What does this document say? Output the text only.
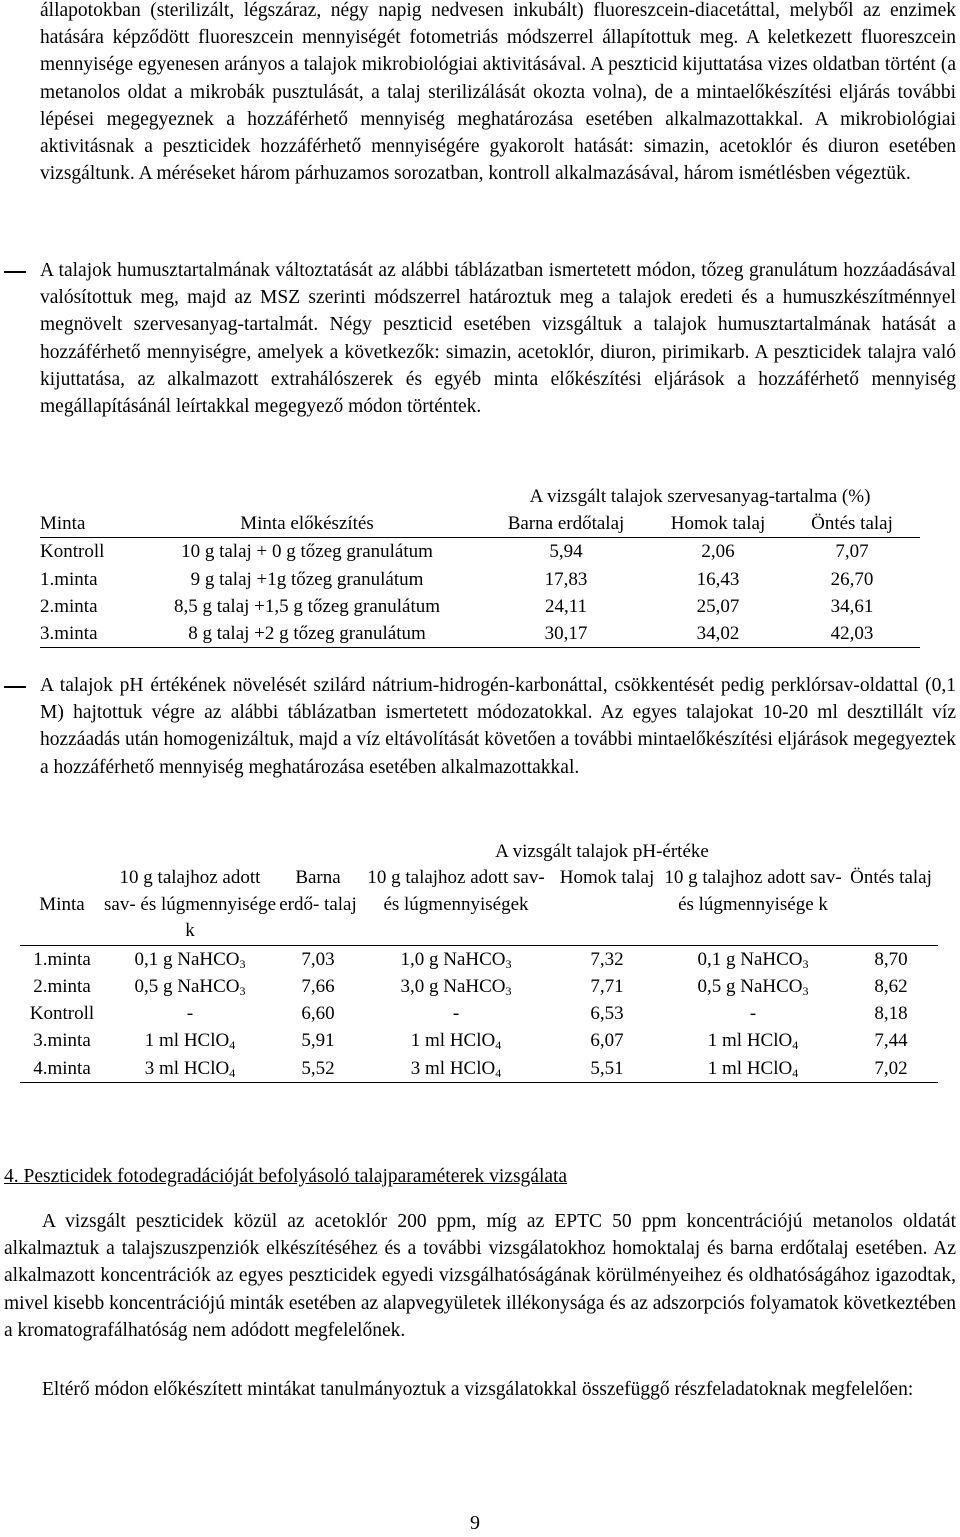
állapotokban (sterilizált, légszáraz, négy napig nedvesen inkubált) fluoreszcein-diacetáttal, melyből az enzimek hatására képződött fluoreszcein mennyiségét fotometriás módszerrel állapítottuk meg. A keletkezett fluoreszcein mennyisége egyenesen arányos a talajok mikrobiológiai aktivitásával. A peszticid kijuttatása vizes oldatban történt (a metanolos oldat a mikrobák pusztulását, a talaj sterilizálását okozta volna), de a mintaelőkészítési eljárás további lépései megegyeznek a hozzáférhető mennyiség meghatározása esetében alkalmazottakkal. A mikrobiológiai aktivitásnak a peszticidek hozzáférhető mennyiségére gyakorolt hatását: simazin, acetoklór és diuron esetében vizsgáltunk. A méréseket három párhuzamos sorozatban, kontroll alkalmazásával, három ismétlésben végeztük.

A talajok humusztartalmának változtatását az alábbi táblázatban ismertetett módon, tőzeg granulátum hozzáadásával valósítottuk meg, majd az MSZ szerinti módszerrel határoztuk meg a talajok eredeti és a humuszkészítménnyel megnövelt szervesanyag-tartalmát. Négy peszticid esetében vizsgáltuk a talajok humusztartalmának hatását a hozzáférhető mennyiségre, amelyek a következők: simazin, acetoklór, diuron, pirimikarb. A peszticidek talajra való kijuttatása, az alkalmazott extrahálószerek és egyéb minta előkészítési eljárások a hozzáférhető mennyiség megállapításánál leírtakkal megegyező módon történtek.

		A vizsgált talajok szervesanyag-tartalma (%)		

Minta	Minta előkészítés	Barna erdőtalaj	Homok talaj	Öntés talaj

Kontroll	10 g talaj + 0 g tőzeg granulátum	5,94	2,06	7,07
1.minta	9 g talaj +1g tőzeg granulátum	17,83	16,43	26,70
2.minta	8,5 g talaj +1,5 g tőzeg granulátum	24,11	25,07	34,61
3.minta	8 g talaj +2 g tőzeg granulátum	30,17	34,02	42,03

A talajok pH értékének növelését szilárd nátrium-hidrogén-karbonáttal, csökkentését pedig perklórsav-oldattal (0,1 M) hajtottuk végre az alábbi táblázatban ismertetett módozatokkal. Az egyes talajokat 10-20 ml desztillált víz hozzáadás után homogenizáltuk, majd a víz eltávolítását követően a további mintaelőkészítési eljárások megegyeztek a hozzáférhető mennyiség meghatározása esetében alkalmazottakkal.

			A vizsgált talajok pH-értéke			

Minta	10 g talajhoz adott sav- és lúgmennyisége k	Barna erdő- talaj	10 g talajhoz adott sav- és lúgmennyiségek	Homok talaj	10 g talajhoz adott sav- és lúgmennyisége k	Öntés talaj

1.minta	0,1 g NaHCO$_3$	7,03	1,0 g NaHCO$_3$	7,32	0,1 g NaHCO$_3$	8,70
2.minta	0,5 g NaHCO$_3$	7,66	3,0 g NaHCO$_3$	7,71	0,5 g NaHCO$_3$	8,62
Kontroll	-	6,60	-	6,53	-	8,18
3.minta	1 ml HClO$_4$	5,91	1 ml HClO$_4$	6,07	1 ml HClO$_4$	7,44
4.minta	3 ml HClO$_4$	5,52	3 ml HClO$_4$	5,51	1 ml HClO$_4$	7,02

4. Peszticidek fotodegradációját befolyásoló talajparaméterek vizsgálata

A vizsgált peszticidek közül az acetoklór 200 ppm, míg az EPTC 50 ppm koncentrációjú metanolos oldatát alkalmaztuk a talajszuszpenziók elkészítéséhez és a további vizsgálatokhoz homoktalaj és barna erdőtalaj esetében. Az alkalmazott koncentrációk az egyes peszticidek egyedi vizsgálhatóságának körülményeihez és oldhatóságához igazodtak, mivel kisebb koncentrációjú minták esetében az alapvegyületek illékonysága és az adszorpciós folyamatok következtében a kromatografálhatóság nem adódott megfelelőnek.

Eltérő módon előkészített mintákat tanulmányoztuk a vizsgálatokkal összefüggő részfeladatoknak megfelelően:

9
